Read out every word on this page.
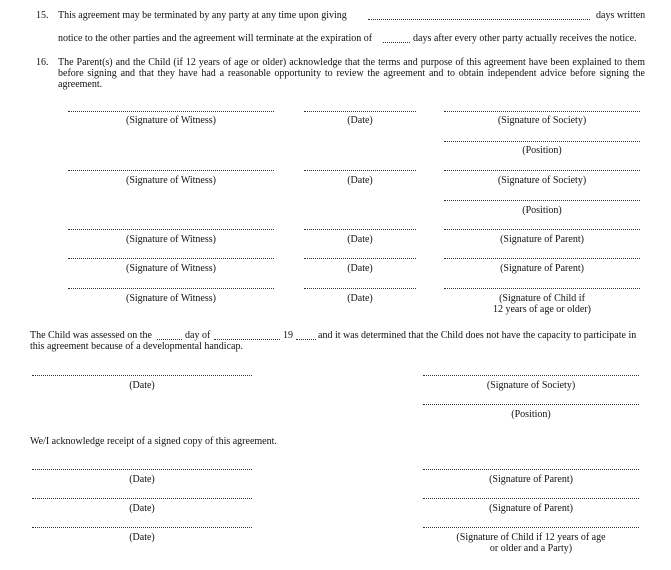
15. This agreement may be terminated by any party at any time upon giving	days written
notice to the other parties and the agreement will terminate at the expiration of	days after every other party actually receives the notice.
16. The Parent(s) and the Child (if 12 years of age or older) acknowledge that the terms and purpose of this agreement have been explained to them before signing and that they have had a reasonable opportunity to review the agreement and to obtain independent advice before signing the agreement.
(Signature of Witness)	(Date)	(Signature of Society)
(Position)
(Signature of Witness)	(Date)	(Signature of Society)
(Position)
(Signature of Witness)	(Date)	(Signature of Parent)
(Signature of Witness)	(Date)	(Signature of Parent)
(Signature of Witness)	(Date)	(Signature of Child if
12 years of age or older)
The Child was assessed on the	day of	19	and it was determined that the Child does not have the capacity to participate in
this agreement because of a developmental handicap.
(Date)	(Signature of Society)
(Position)
We/I acknowledge receipt of a signed copy of this agreement.
(Date)	(Signature of Parent)
(Date)	(Signature of Parent)
(Date)	(Signature of Child if 12 years of age
or older and a Party)
